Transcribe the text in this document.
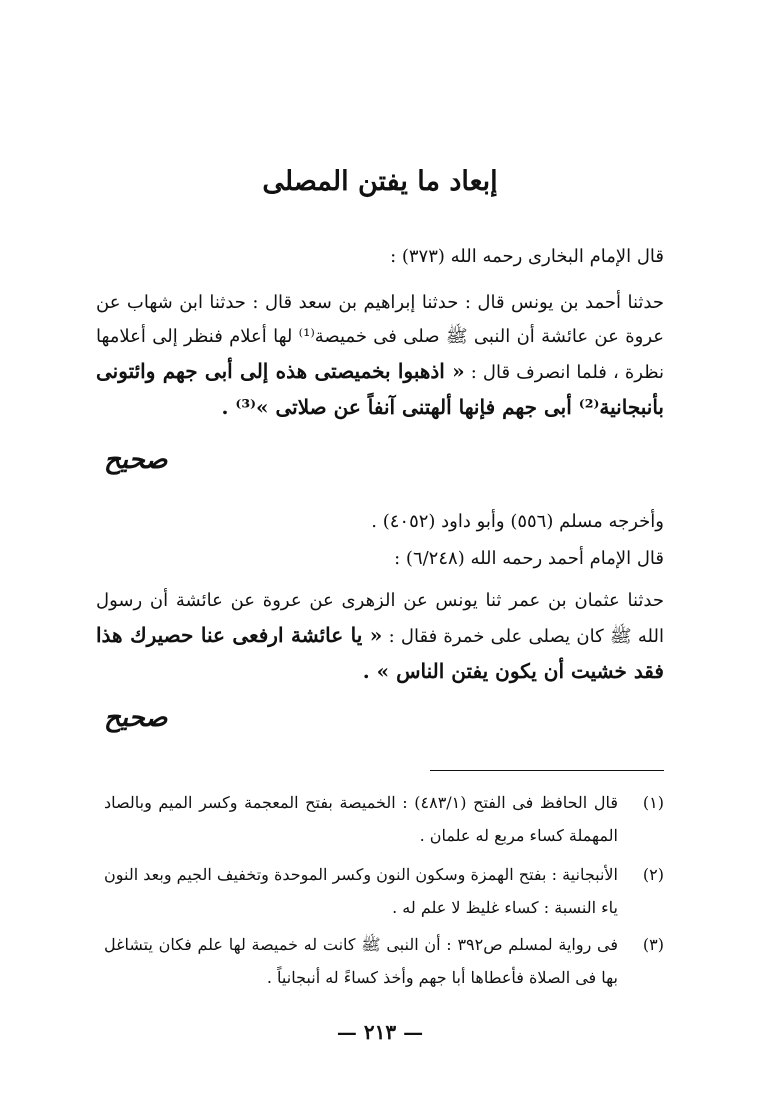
إبعاد ما يفتن المصلى
قال الإمام البخارى رحمه الله (٣٧٣) :
حدثنا أحمد بن يونس قال : حدثنا إبراهيم بن سعد قال : حدثنا ابن شهاب عن عروة عن عائشة أن النبى ﷺ صلى فى خميصة⁽¹⁾ لها أعلام فنظر إلى أعلامها نظرة ، فلما انصرف قال : « اذهبوا بخميصتى هذه إلى أبى جهم وائتونى بأنبجانية⁽²⁾ أبى جهم فإنها ألهتنى آنفاً عن صلاتى »⁽³⁾ .
صحيح
وأخرجه مسلم (٥٥٦) وأبو داود (٤٠٥٢) .
قال الإمام أحمد رحمه الله (٦/٢٤٨) :
حدثنا عثمان بن عمر ثنا يونس عن الزهرى عن عروة عن عائشة أن رسول الله ﷺ كان يصلى على خمرة فقال : « يا عائشة ارفعى عنا حصيرك هذا فقد خشيت أن يكون يفتن الناس » .
صحيح
(١)
قال الحافظ فى الفتح (٤٨٣/١) : الخميصة بفتح المعجمة وكسر الميم وبالصاد المهملة كساء مربع له علمان .
(٢)
الأنبجانية : بفتح الهمزة وسكون النون وكسر الموحدة وتخفيف الجيم وبعد النون ياء النسبة : كساء غليظ لا علم له .
(٣)
فى رواية لمسلم ص٣٩٢ : أن النبى ﷺ كانت له خميصة لها علم فكان يتشاغل بها فى الصلاة فأعطاها أبا جهم وأخذ كساءً له أنبجانياً .
— ٢١٣ —
